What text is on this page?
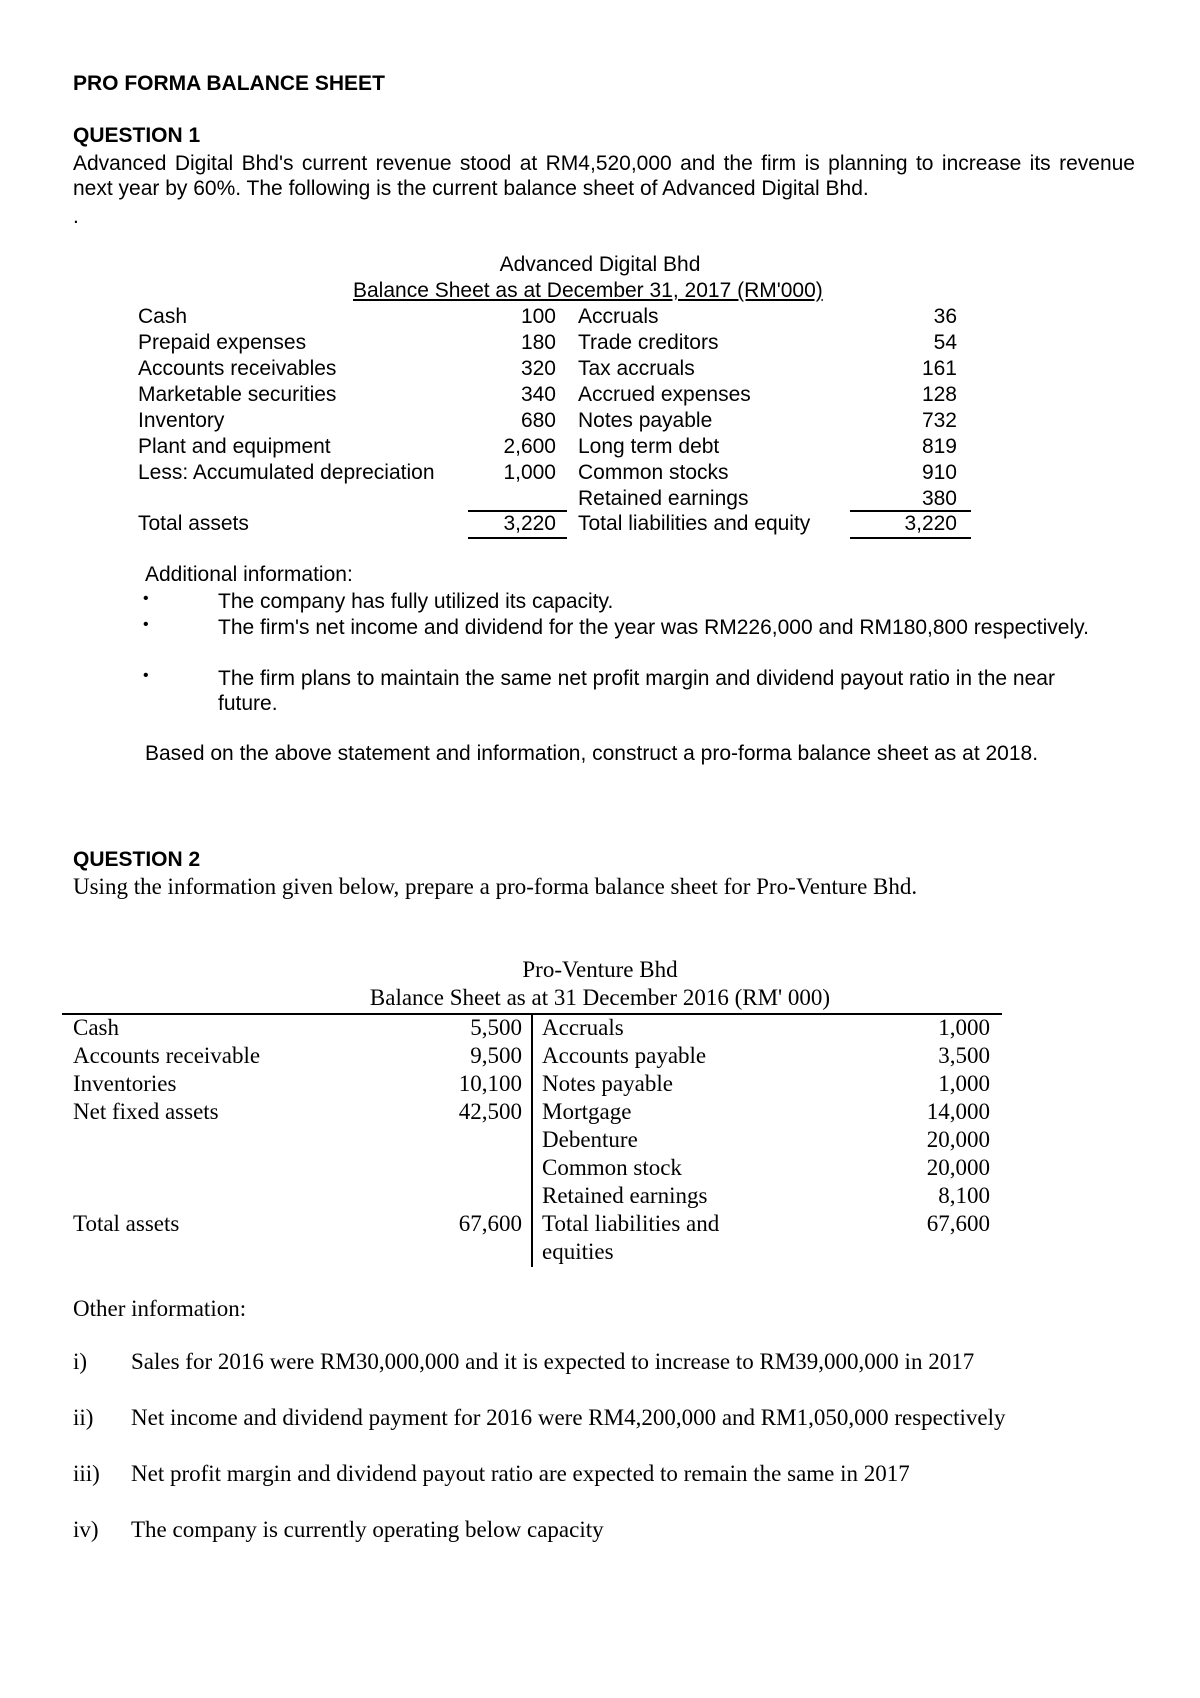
PRO FORMA BALANCE SHEET
QUESTION 1
Advanced Digital Bhd's current revenue stood at RM4,520,000 and the firm is planning to increase its revenue next year by 60%. The following is the current balance sheet of Advanced Digital Bhd.
.
Advanced Digital Bhd
Balance Sheet as at December 31, 2017 (RM'000)
Cash	100 Accruals	36
Prepaid expenses	180 Trade creditors	54
Accounts receivables	320 Tax accruals	161
Marketable securities	340 Accrued expenses	128
Inventory	680 Notes payable	732
Plant and equipment	2,600 Long term debt	819
Less: Accumulated depreciation	1,000 Common stocks	910
Retained earnings	380
Total assets	3,220 Total liabilities and equity	3,220
Additional information:
•	The company has fully utilized its capacity.
•	The firm's net income and dividend for the year was RM226,000 and RM180,800 respectively.
•	The firm plans to maintain the same net profit margin and dividend payout ratio in the near future.
Based on the above statement and information, construct a pro-forma balance sheet as at 2018.
QUESTION 2
Using the information given below, prepare a pro-forma balance sheet for Pro-Venture Bhd.
Pro-Venture Bhd
Balance Sheet as at 31 December 2016 (RM' 000)
Cash	5,500 Accruals	1,000
Accounts receivable	9,500 Accounts payable	3,500
Inventories	10,100 Notes payable	1,000
Net fixed assets	42,500 Mortgage	14,000
Debenture	20,000
Common stock	20,000
Retained earnings	8,100
Total assets	67,600 Total liabilities and	67,600
equities
Other information:
i) Sales for 2016 were RM30,000,000 and it is expected to increase to RM39,000,000 in 2017
ii) Net income and dividend payment for 2016 were RM4,200,000 and RM1,050,000 respectively
iii) Net profit margin and dividend payout ratio are expected to remain the same in 2017
iv) The company is currently operating below capacity
